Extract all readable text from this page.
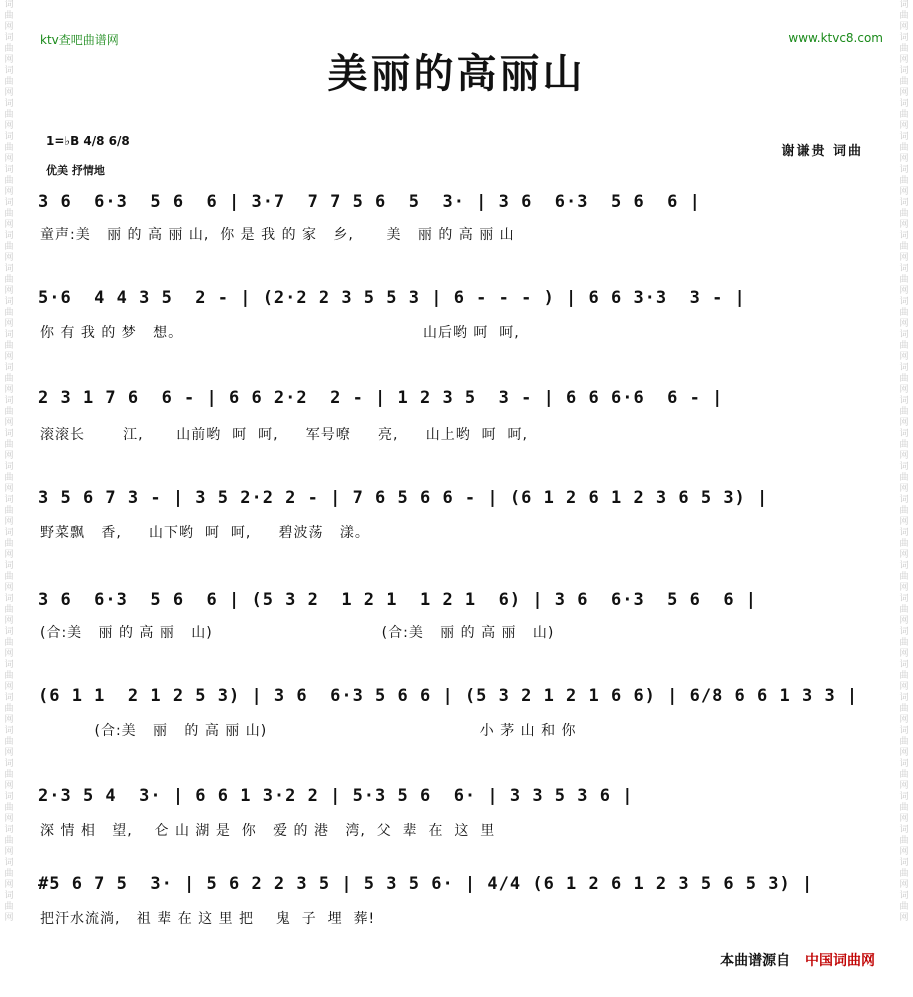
词曲网词曲网词曲网词曲网词曲网词曲网词曲网词曲网词曲网词曲网词曲网词曲网词曲网词曲网词曲网词曲网词曲网词曲网词曲网词曲网词曲网词曲网词曲网词曲网词曲网词曲网词曲网词曲网
词曲网词曲网词曲网词曲网词曲网词曲网词曲网词曲网词曲网词曲网词曲网词曲网词曲网词曲网词曲网词曲网词曲网词曲网词曲网词曲网词曲网词曲网词曲网词曲网词曲网词曲网词曲网词曲网
ktv查吧曲谱网	www.ktvc8.com
美丽的高丽山
1=♭B 4/8 6/8
优美 抒情地
谢谦贵 词曲
3 6  6·3  5 6  6 | 3·7  7 7 5 6  5  3· | 3 6  6·3  5 6  6 |
童声:美   丽 的 高 丽 山,  你 是 我 的 家   乡,      美   丽 的 高 丽 山
5·6  4 4 3 5  2 - | (2·2 2 3 5 5 3 | 6 - - - ) | 6 6 3·3  3 - |
你 有 我 的 梦   想。                                            山后哟 呵  呵,
2 3 1 7 6  6 - | 6 6 2·2  2 - | 1 2 3 5  3 - | 6 6 6·6  6 - |
滚滚长       江,      山前哟  呵  呵,     军号嘹     亮,     山上哟  呵  呵,
3 5 6 7 3 - | 3 5 2·2 2 - | 7 6 5 6 6 - | (6 1 2 6 1 2 3 6 5 3) |
野菜飘   香,     山下哟  呵  呵,     碧波荡   漾。
3 6  6·3  5 6  6 | (5 3 2  1 2 1  1 2 1  6) | 3 6  6·3  5 6  6 |
(合:美   丽 的 高 丽   山)                               (合:美   丽 的 高 丽   山)
(6 1 1  2 1 2 5 3) | 3 6  6·3 5 6 6 | (5 3 2 1 2 1 6 6) | 6/8 6 6 1 3 3 |
(合:美   丽   的 高 丽 山)                                       小 茅 山 和 你
2·3 5 4  3· | 6 6 1 3·2 2 | 5·3 5 6  6· | 3 3 5 3 6 |
深 情 相   望,    仑 山 湖 是  你   爱 的 港   湾,  父  辈  在  这  里
#5 6 7 5  3· | 5 6 2 2 3 5 | 5 3 5 6· | 4/4 (6 1 2 6 1 2 3 5 6 5 3) |
把汗水流淌,   祖 辈 在 这 里 把    鬼  子  埋  葬!
本曲谱源自 中国词曲网
